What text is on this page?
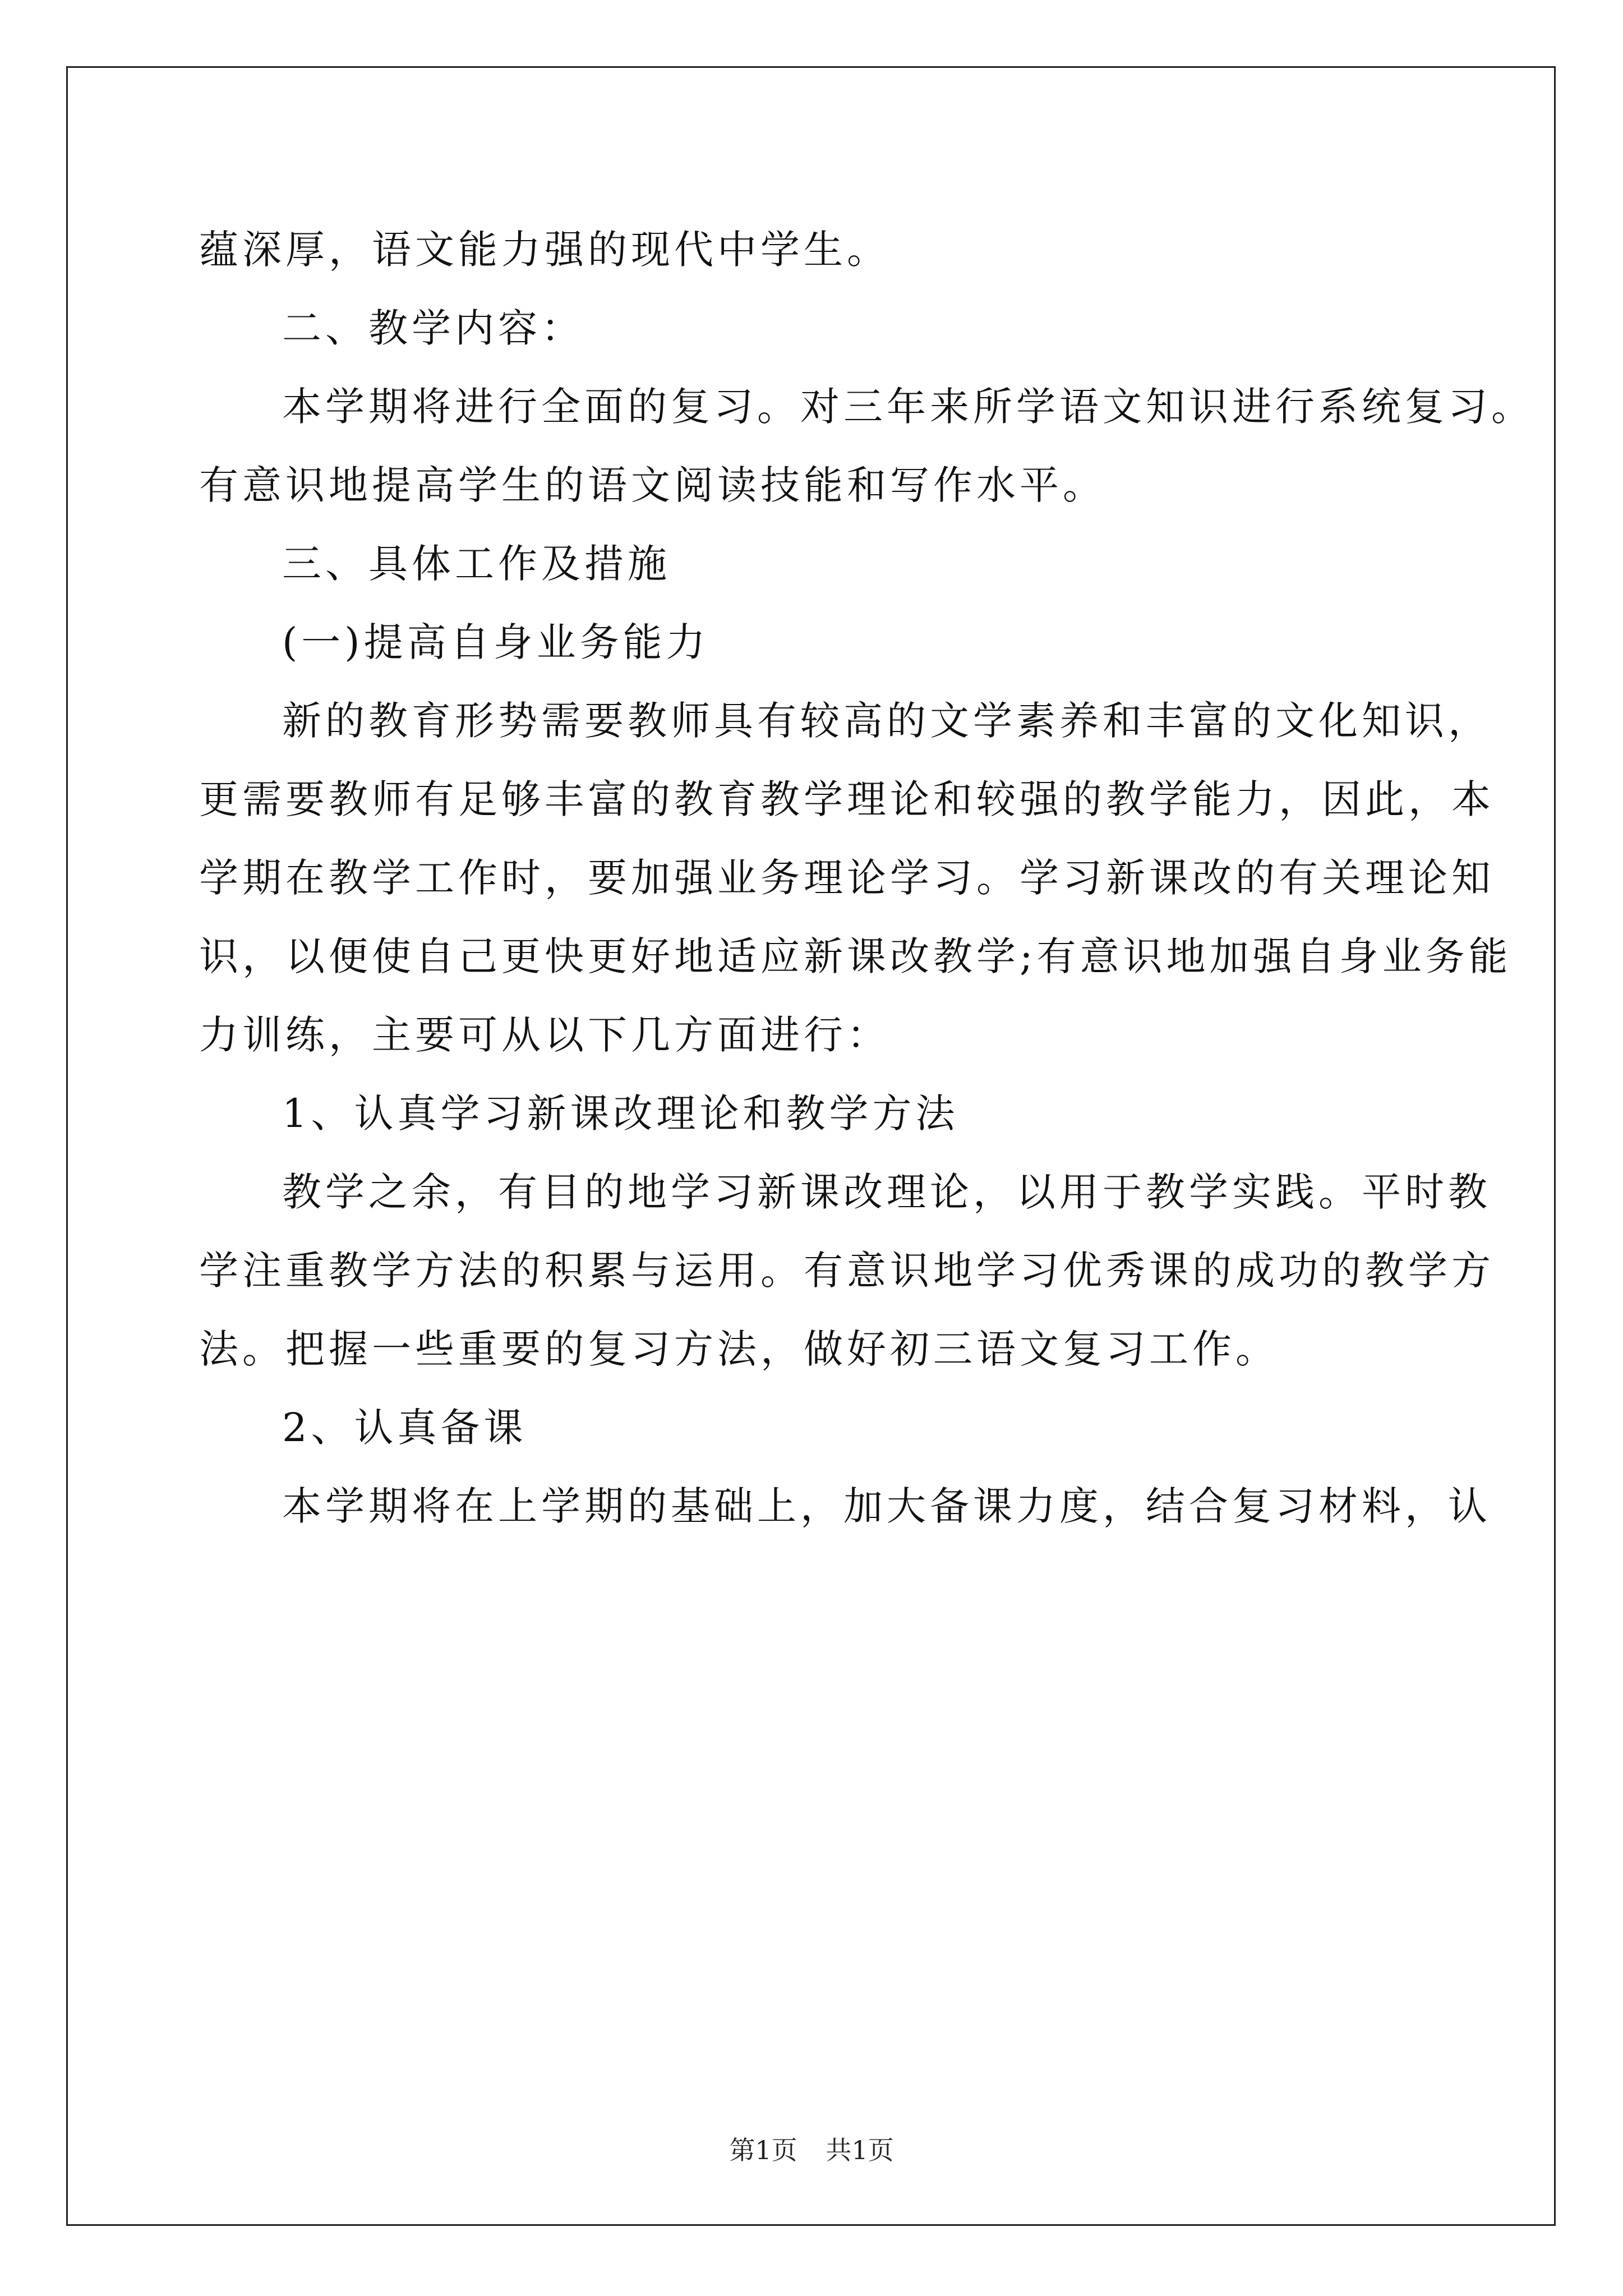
蕴深厚，语文能力强的现代中学生。

二、教学内容：

本学期将进行全面的复习。对三年来所学语文知识进行系统复习。

有意识地提高学生的语文阅读技能和写作水平。

三、具体工作及措施

(一)提高自身业务能力

新的教育形势需要教师具有较高的文学素养和丰富的文化知识，

更需要教师有足够丰富的教育教学理论和较强的教学能力，因此，本

学期在教学工作时，要加强业务理论学习。学习新课改的有关理论知

识，以便使自己更快更好地适应新课改教学;有意识地加强自身业务能

力训练，主要可从以下几方面进行：

1、认真学习新课改理论和教学方法

教学之余，有目的地学习新课改理论，以用于教学实践。平时教

学注重教学方法的积累与运用。有意识地学习优秀课的成功的教学方

法。把握一些重要的复习方法，做好初三语文复习工作。

2、认真备课

本学期将在上学期的基础上，加大备课力度，结合复习材料，认

第1页 共1页
